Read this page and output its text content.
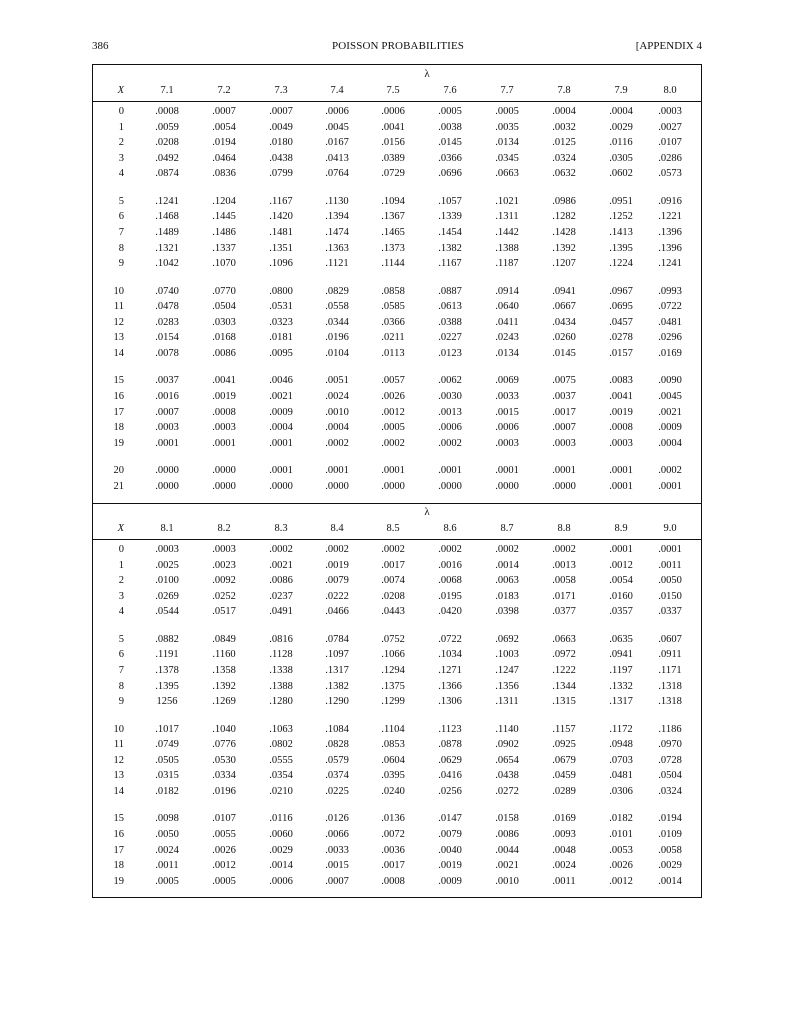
386	POISSON PROBABILITIES	[APPENDIX 4
λ
X	7.1	7.2	7.3	7.4	7.5	7.6	7.7	7.8	7.9	8.0
0	.0008	.0007	.0007	.0006	.0006	.0005	.0005	.0004	.0004 .0003
1	.0059	.0054	.0049	.0045	.0041	.0038	.0035	.0032	.0029 .0027
2	.0208	.0194	.0180	.0167	.0156	.0145	.0134	.0125	.0116 .0107
3	.0492	.0464	.0438	.0413	.0389	.0366	.0345	.0324	.0305 .0286
4	.0874	.0836	.0799	.0764	.0729	.0696	.0663	.0632	.0602 .0573
5	.1241	.1204	.1167	.1130	.1094	.1057	.1021	.0986	.0951 .0916
6	.1468	.1445	.1420	.1394	.1367	.1339	.1311	.1282	.1252 .1221
7	.1489	.1486	.1481	.1474	.1465	.1454	.1442	.1428	.1413 .1396
8	.1321	.1337	.1351	.1363	.1373	.1382	.1388	.1392	.1395 .1396
9	.1042	.1070	.1096	.1121	.1144	.1167	.1187	.1207	.1224 .1241
10	.0740	.0770	.0800	.0829	.0858	.0887	.0914	.0941	.0967 .0993
11	.0478	.0504	.0531	.0558	.0585	.0613	.0640	.0667	.0695 .0722
12	.0283	.0303	.0323	.0344	.0366	.0388	.0411	.0434	.0457 .0481
13	.0154	.0168	.0181	.0196	.0211	.0227	.0243	.0260	.0278 .0296
14	.0078	.0086	.0095	.0104	.0113	.0123	.0134	.0145	.0157 .0169
15	.0037	.0041	.0046	.0051	.0057	.0062	.0069	.0075	.0083 .0090
16	.0016	.0019	.0021	.0024	.0026	.0030	.0033	.0037	.0041 .0045
17	.0007	.0008	.0009	.0010	.0012	.0013	.0015	.0017	.0019 .0021
18	.0003	.0003	.0004	.0004	.0005	.0006	.0006	.0007	.0008 .0009
19	.0001	.0001	.0001	.0002	.0002	.0002	.0003	.0003	.0003 .0004
20	.0000	.0000	.0001	.0001	.0001	.0001	.0001	.0001	.0001 .0002
21	.0000	.0000	.0000	.0000	.0000	.0000	.0000	.0000	.0001 .0001
λ
X	8.1	8.2	8.3	8.4	8.5	8.6	8.7	8.8	8.9	9.0
0	.0003	.0003	.0002	.0002	.0002	.0002	.0002	.0002	.0001 .0001
1	.0025	.0023	.0021	.0019	.0017	.0016	.0014	.0013	.0012 .0011
2	.0100	.0092	.0086	.0079	.0074	.0068	.0063	.0058	.0054 .0050
3	.0269	.0252	.0237	.0222	.0208	.0195	.0183	.0171	.0160 .0150
4	.0544	.0517	.0491	.0466	.0443	.0420	.0398	.0377	.0357 .0337
5	.0882	.0849	.0816	.0784	.0752	.0722	.0692	.0663	.0635 .0607
6	.1191	.1160	.1128	.1097	.1066	.1034	.1003	.0972	.0941 .0911
7	.1378	.1358	.1338	.1317	.1294	.1271	.1247	.1222	.1197 .1171
8	.1395	.1392	.1388	.1382	.1375	.1366	.1356	.1344	.1332 .1318
9	1256	.1269	.1280	.1290	.1299	.1306	.1311	.1315	.1317 .1318
10	.1017	.1040	.1063	.1084	.1104	.1123	.1140	.1157	.1172 .1186
11	.0749	.0776	.0802	.0828	.0853	.0878	.0902	.0925	.0948 .0970
12	.0505	.0530	.0555	.0579	.0604	.0629	.0654	.0679	.0703 .0728
13	.0315	.0334	.0354	.0374	.0395	.0416	.0438	.0459	.0481 .0504
14	.0182	.0196	.0210	.0225	.0240	.0256	.0272	.0289	.0306 .0324
15	.0098	.0107	.0116	.0126	.0136	.0147	.0158	.0169	.0182 .0194
16	.0050	.0055	.0060	.0066	.0072	.0079	.0086	.0093	.0101 .0109
17	.0024	.0026	.0029	.0033	.0036	.0040	.0044	.0048	.0053 .0058
18	.0011	.0012	.0014	.0015	.0017	.0019	.0021	.0024	.0026 .0029
19	.0005	.0005	.0006	.0007	.0008	.0009	.0010	.0011	.0012 .0014
